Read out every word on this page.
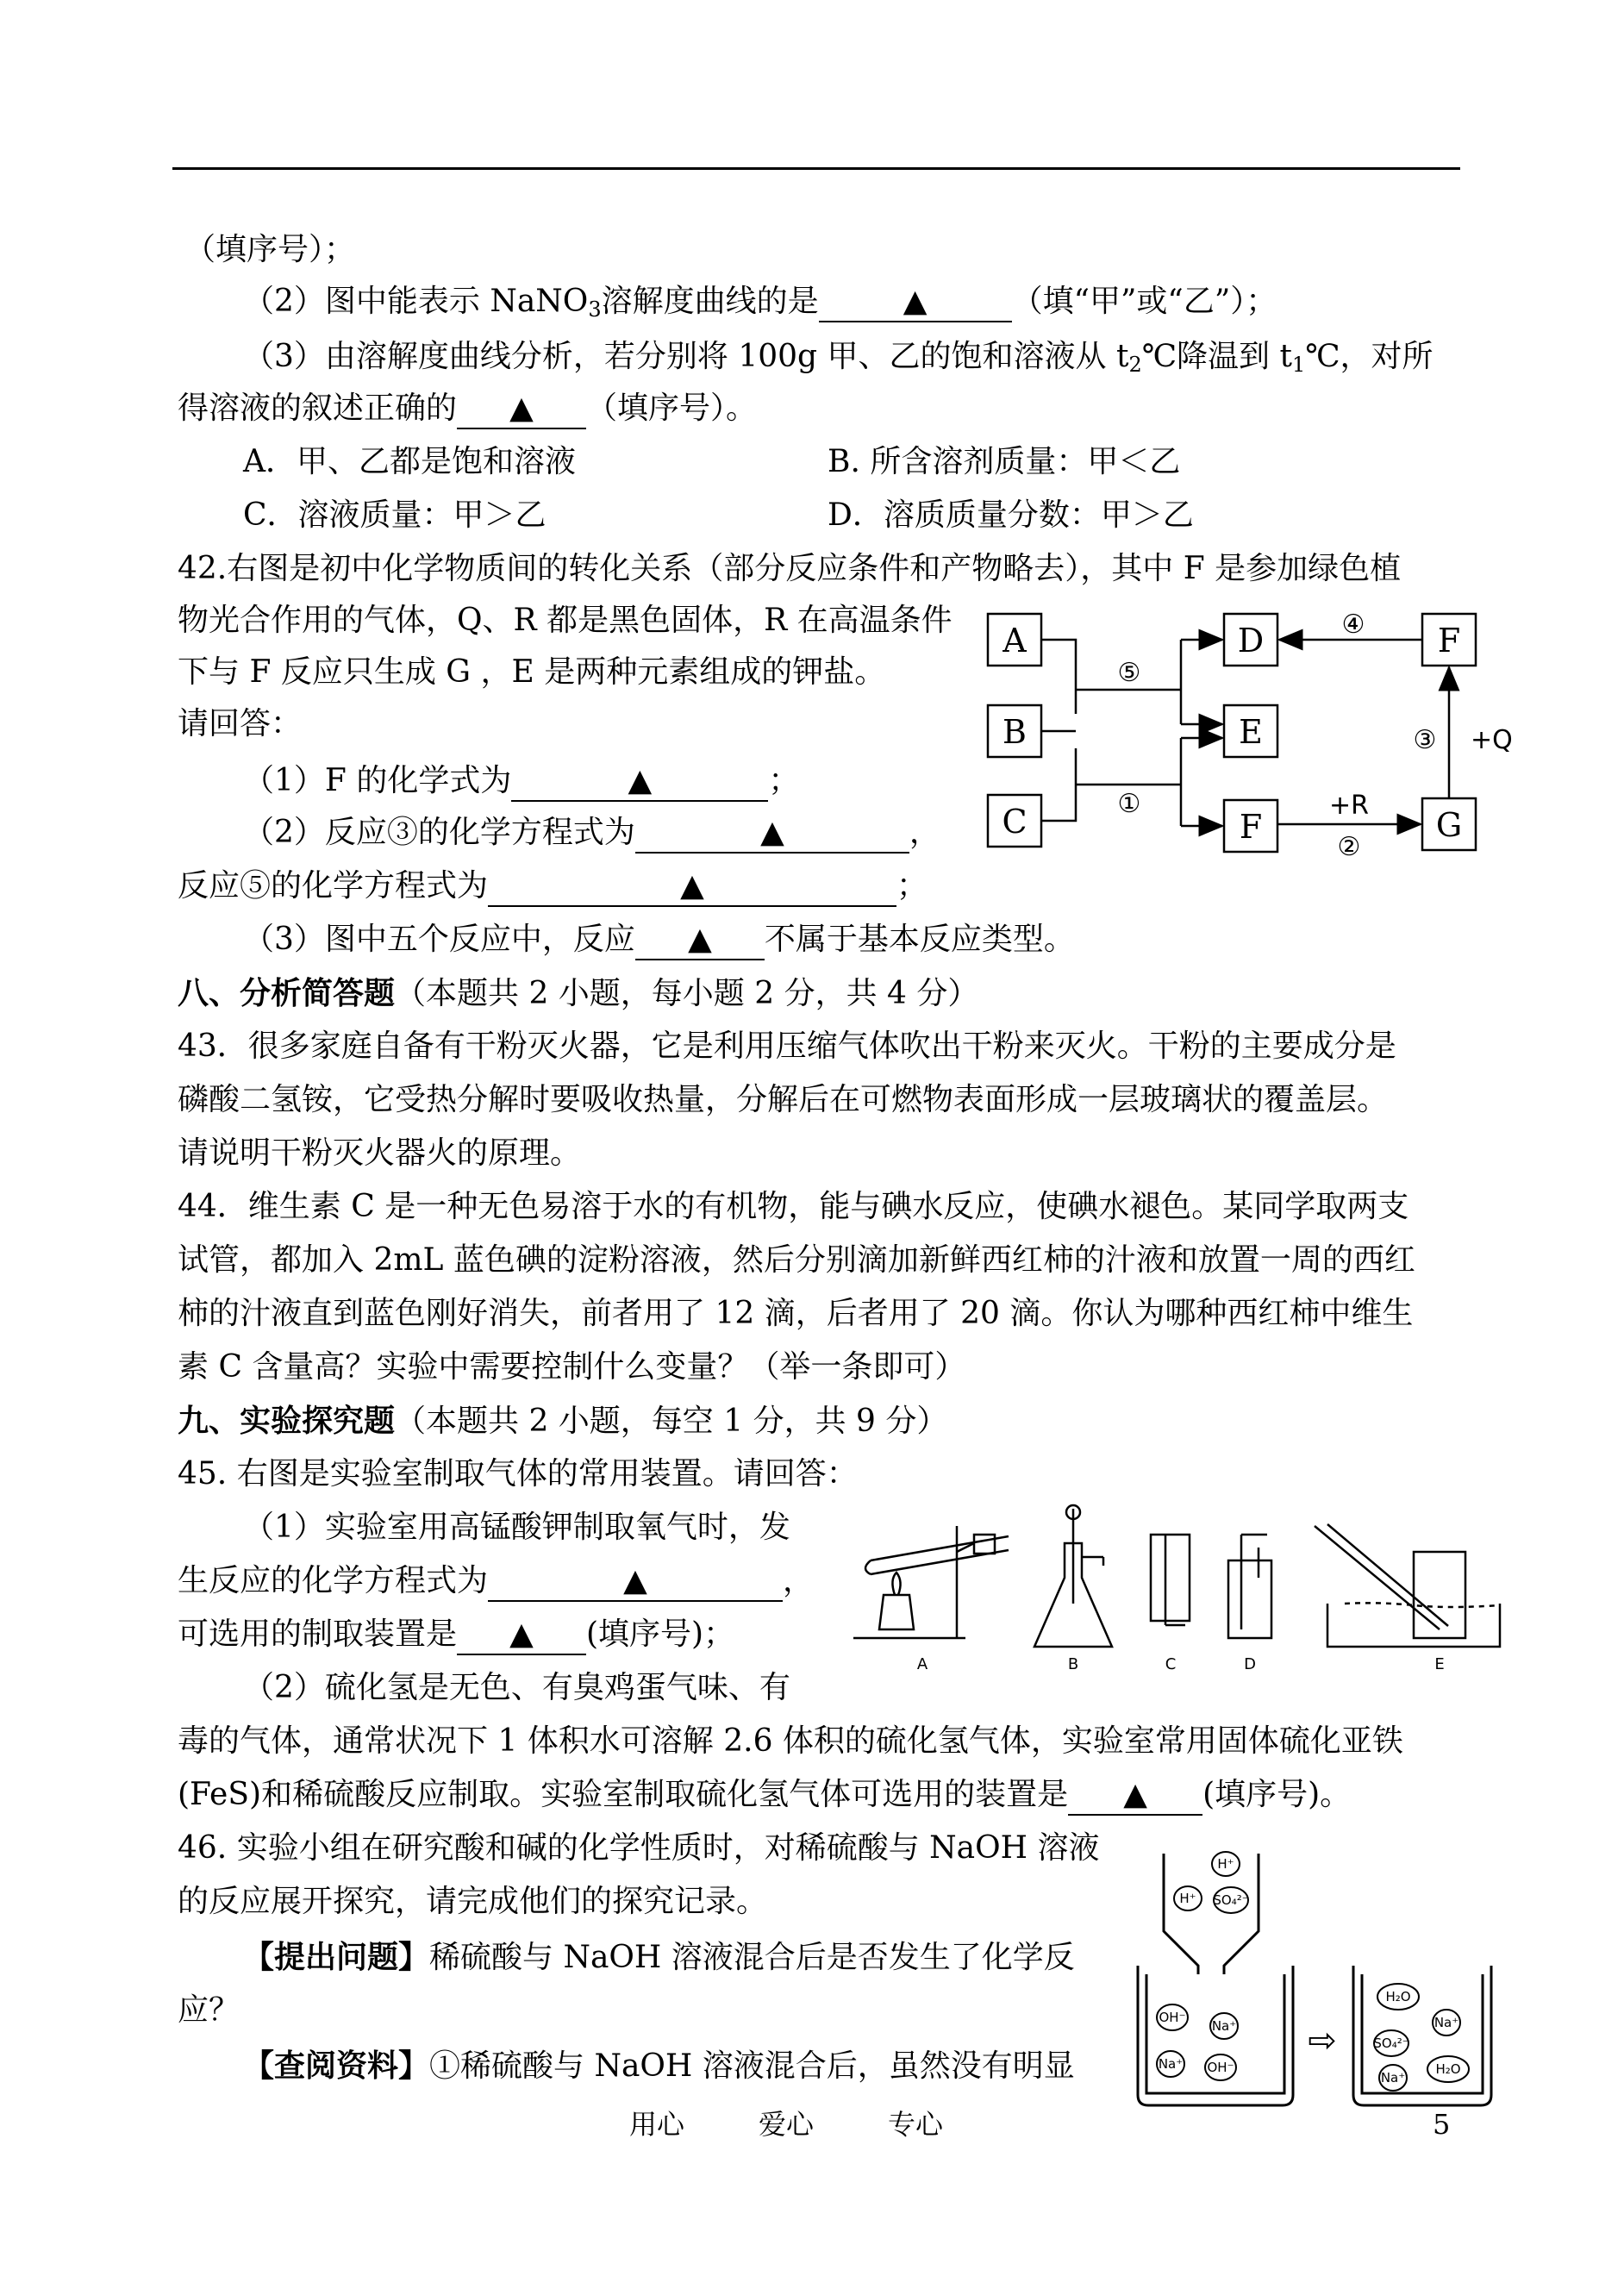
（填序号）；
（2）图中能表示 NaNO$_3$溶解度曲线的是	▲	（填“甲”或“乙”）；
（3）由溶解度曲线分析，若分别将 100g 甲、乙的饱和溶液从 $t_2℃$降温到 $t_1℃$，对所
得溶液的叙述正确的 ▲ （填序号）。
A．甲、乙都是饱和溶液	B. 所含溶剂质量：甲＜乙
C．溶液质量：甲＞乙	D．溶质质量分数：甲＞乙
42.右图是初中化学物质间的转化关系（部分反应条件和产物略去），其中 F 是参加绿色植
物光合作用的气体，Q、R 都是黑色固体，R 在高温条件
下与 F 反应只生成 G ，E 是两种元素组成的钾盐。
请回答：
（1）F 的化学式为	▲	；
（2）反应③的化学方程式为	▲	，
反应⑤的化学方程式为	▲	；
（3）图中五个反应中，反应 ▲ 不属于基本反应类型。
A
B
C
D
E
F
F	G
④
⑤
①
②
③
+R
+Q
八、分析简答题（本题共 2 小题，每小题 2 分，共 4 分）
43．很多家庭自备有干粉灭火器，它是利用压缩气体吹出干粉来灭火。干粉的主要成分是
磷酸二氢铵，它受热分解时要吸收热量，分解后在可燃物表面形成一层玻璃状的覆盖层。
请说明干粉灭火器火的原理。
44．维生素 C 是一种无色易溶于水的有机物，能与碘水反应，使碘水褪色。某同学取两支
试管，都加入 2mL 蓝色碘的淀粉溶液，然后分别滴加新鲜西红柿的汁液和放置一周的西红
柿的汁液直到蓝色刚好消失，前者用了 12 滴，后者用了 20 滴。你认为哪种西红柿中维生
素 C 含量高？实验中需要控制什么变量？（举一条即可）
九、实验探究题（本题共 2 小题，每空 1 分，共 9 分）
45. 右图是实验室制取气体的常用装置。请回答：
（1）实验室用高锰酸钾制取氧气时，发
生反应的化学方程式为	▲	，
可选用的制取装置是 ▲ (填序号)；
（2）硫化氢是无色、有臭鸡蛋气味、有
毒的气体，通常状况下 1 体积水可溶解 2.6 体积的硫化氢气体，实验室常用固体硫化亚铁
(FeS)和稀硫酸反应制取。实验室制取硫化氢气体可选用的装置是 ▲ (填序号)。
A	B	C	D	E
46. 实验小组在研究酸和碱的化学性质时，对稀硫酸与 NaOH 溶液
的反应展开探究，请完成他们的探究记录。
【提出问题】稀硫酸与 NaOH 溶液混合后是否发生了化学反
应？
【查阅资料】①稀硫酸与 NaOH 溶液混合后，虽然没有明显
H⁺
H⁺ SO₄²⁻
OH⁻
Na⁺
Na⁺ OH⁻
H₂O
SO₄²⁻
Na⁺
Na⁺
H₂O
⇨
用心	爱心	专心	5
